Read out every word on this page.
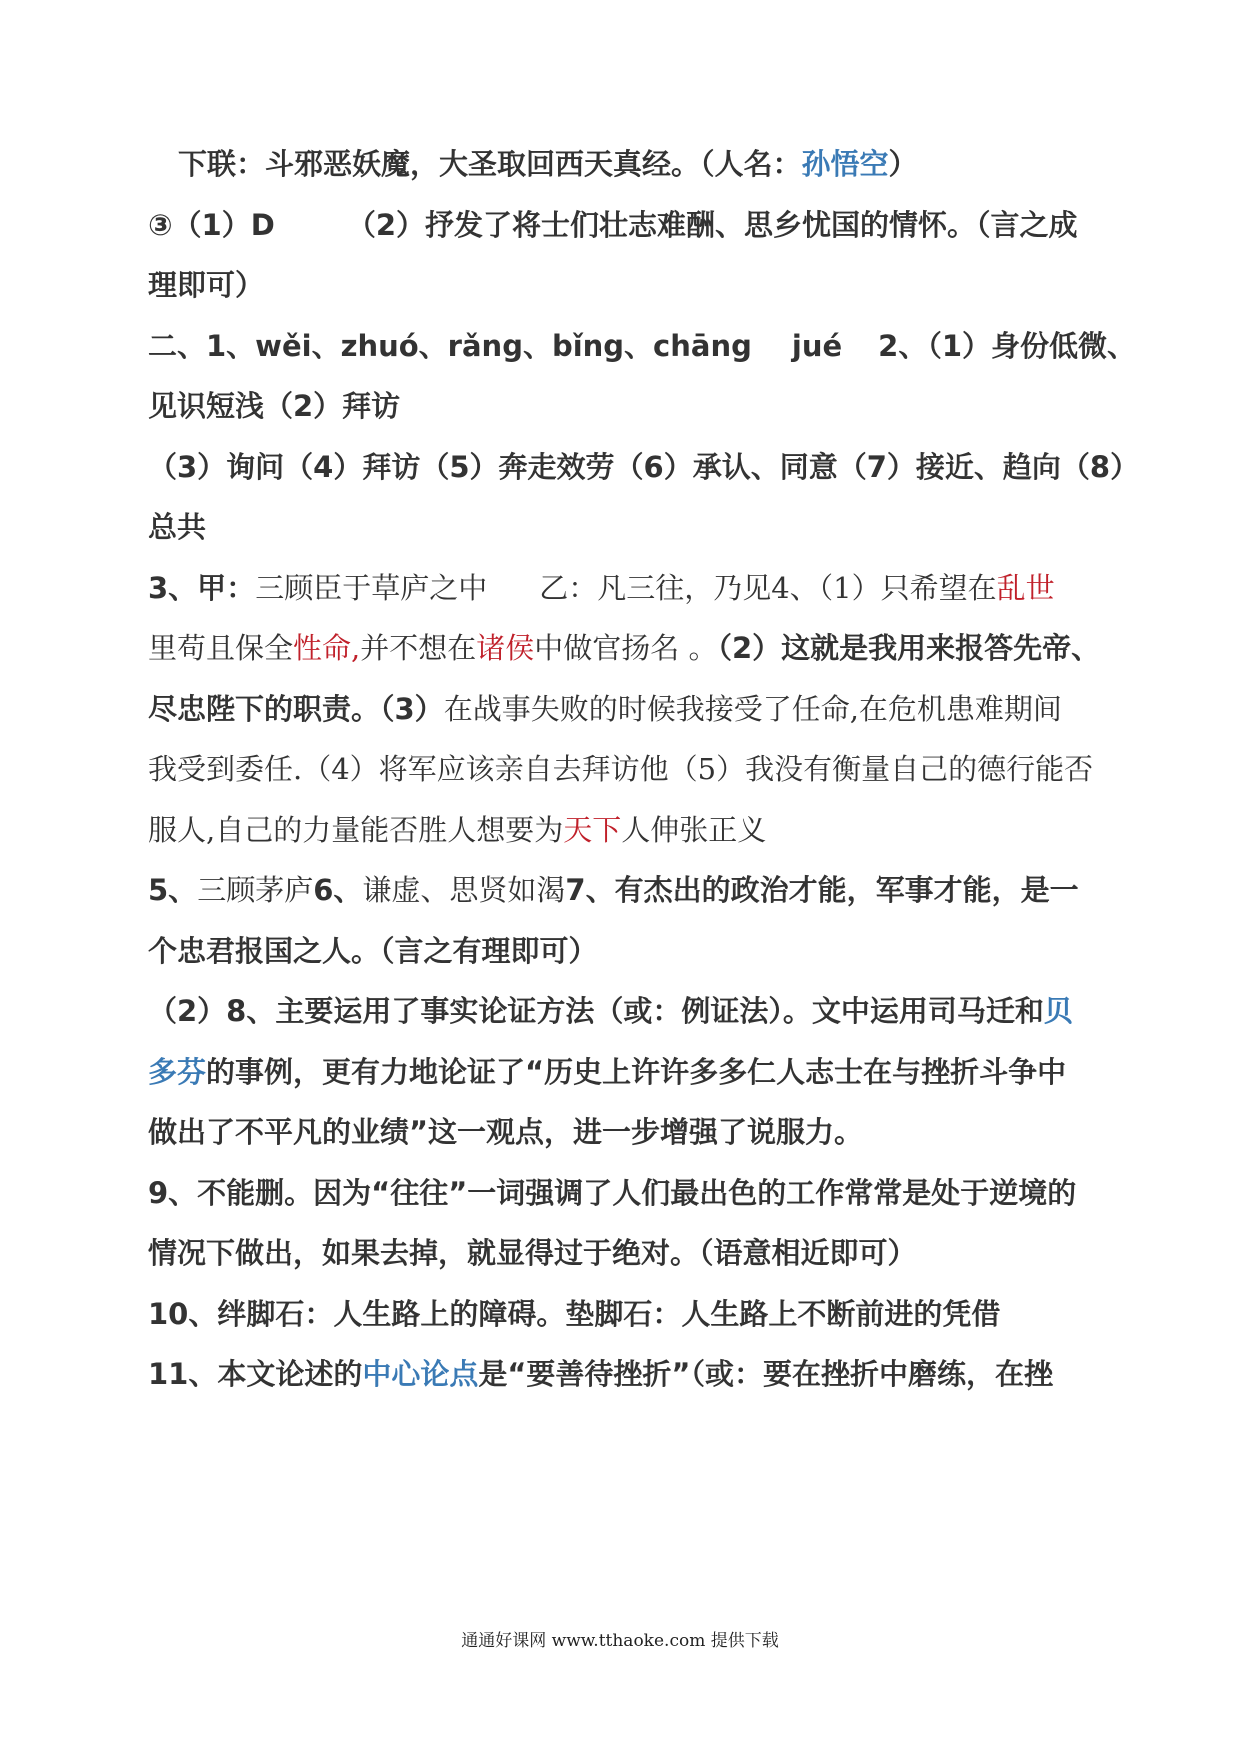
下联：斗邪恶妖魔，大圣取回西天真经。（人名：孙悟空）
③（1）D （2）抒发了将士们壮志难酬、思乡忧国的情怀。（言之成
理即可）
二、1、wěi、zhuó、rǎng、bǐng、chāng jué 2、（1）身份低微、
见识短浅（2）拜访
（3）询问（4）拜访（5）奔走效劳（6）承认、同意（7）接近、趋向（8）
总共
3、甲：三顾臣于草庐之中 乙：凡三往，乃见4、（1）只希望在乱世
里苟且保全性命,并不想在诸侯中做官扬名 。（2）这就是我用来报答先帝、
尽忠陛下的职责。（3）在战事失败的时候我接受了任命,在危机患难期间
我受到委任.（4）将军应该亲自去拜访他（5）我没有衡量自己的德行能否
服人,自己的力量能否胜人想要为天下人伸张正义
5、三顾茅庐6、谦虚、思贤如渴7、有杰出的政治才能，军事才能，是一
个忠君报国之人。（言之有理即可）
（2）8、主要运用了事实论证方法（或：例证法）。文中运用司马迁和贝
多芬的事例，更有力地论证了“历史上许许多多仁人志士在与挫折斗争中
做出了不平凡的业绩”这一观点，进一步增强了说服力。
9、不能删。因为“往往”一词强调了人们最出色的工作常常是处于逆境的
情况下做出，如果去掉，就显得过于绝对。（语意相近即可）
10、绊脚石：人生路上的障碍。垫脚石：人生路上不断前进的凭借
11、本文论述的中心论点是“要善待挫折”（或：要在挫折中磨练，在挫
通通好课网 www.tthaoke.com 提供下载
